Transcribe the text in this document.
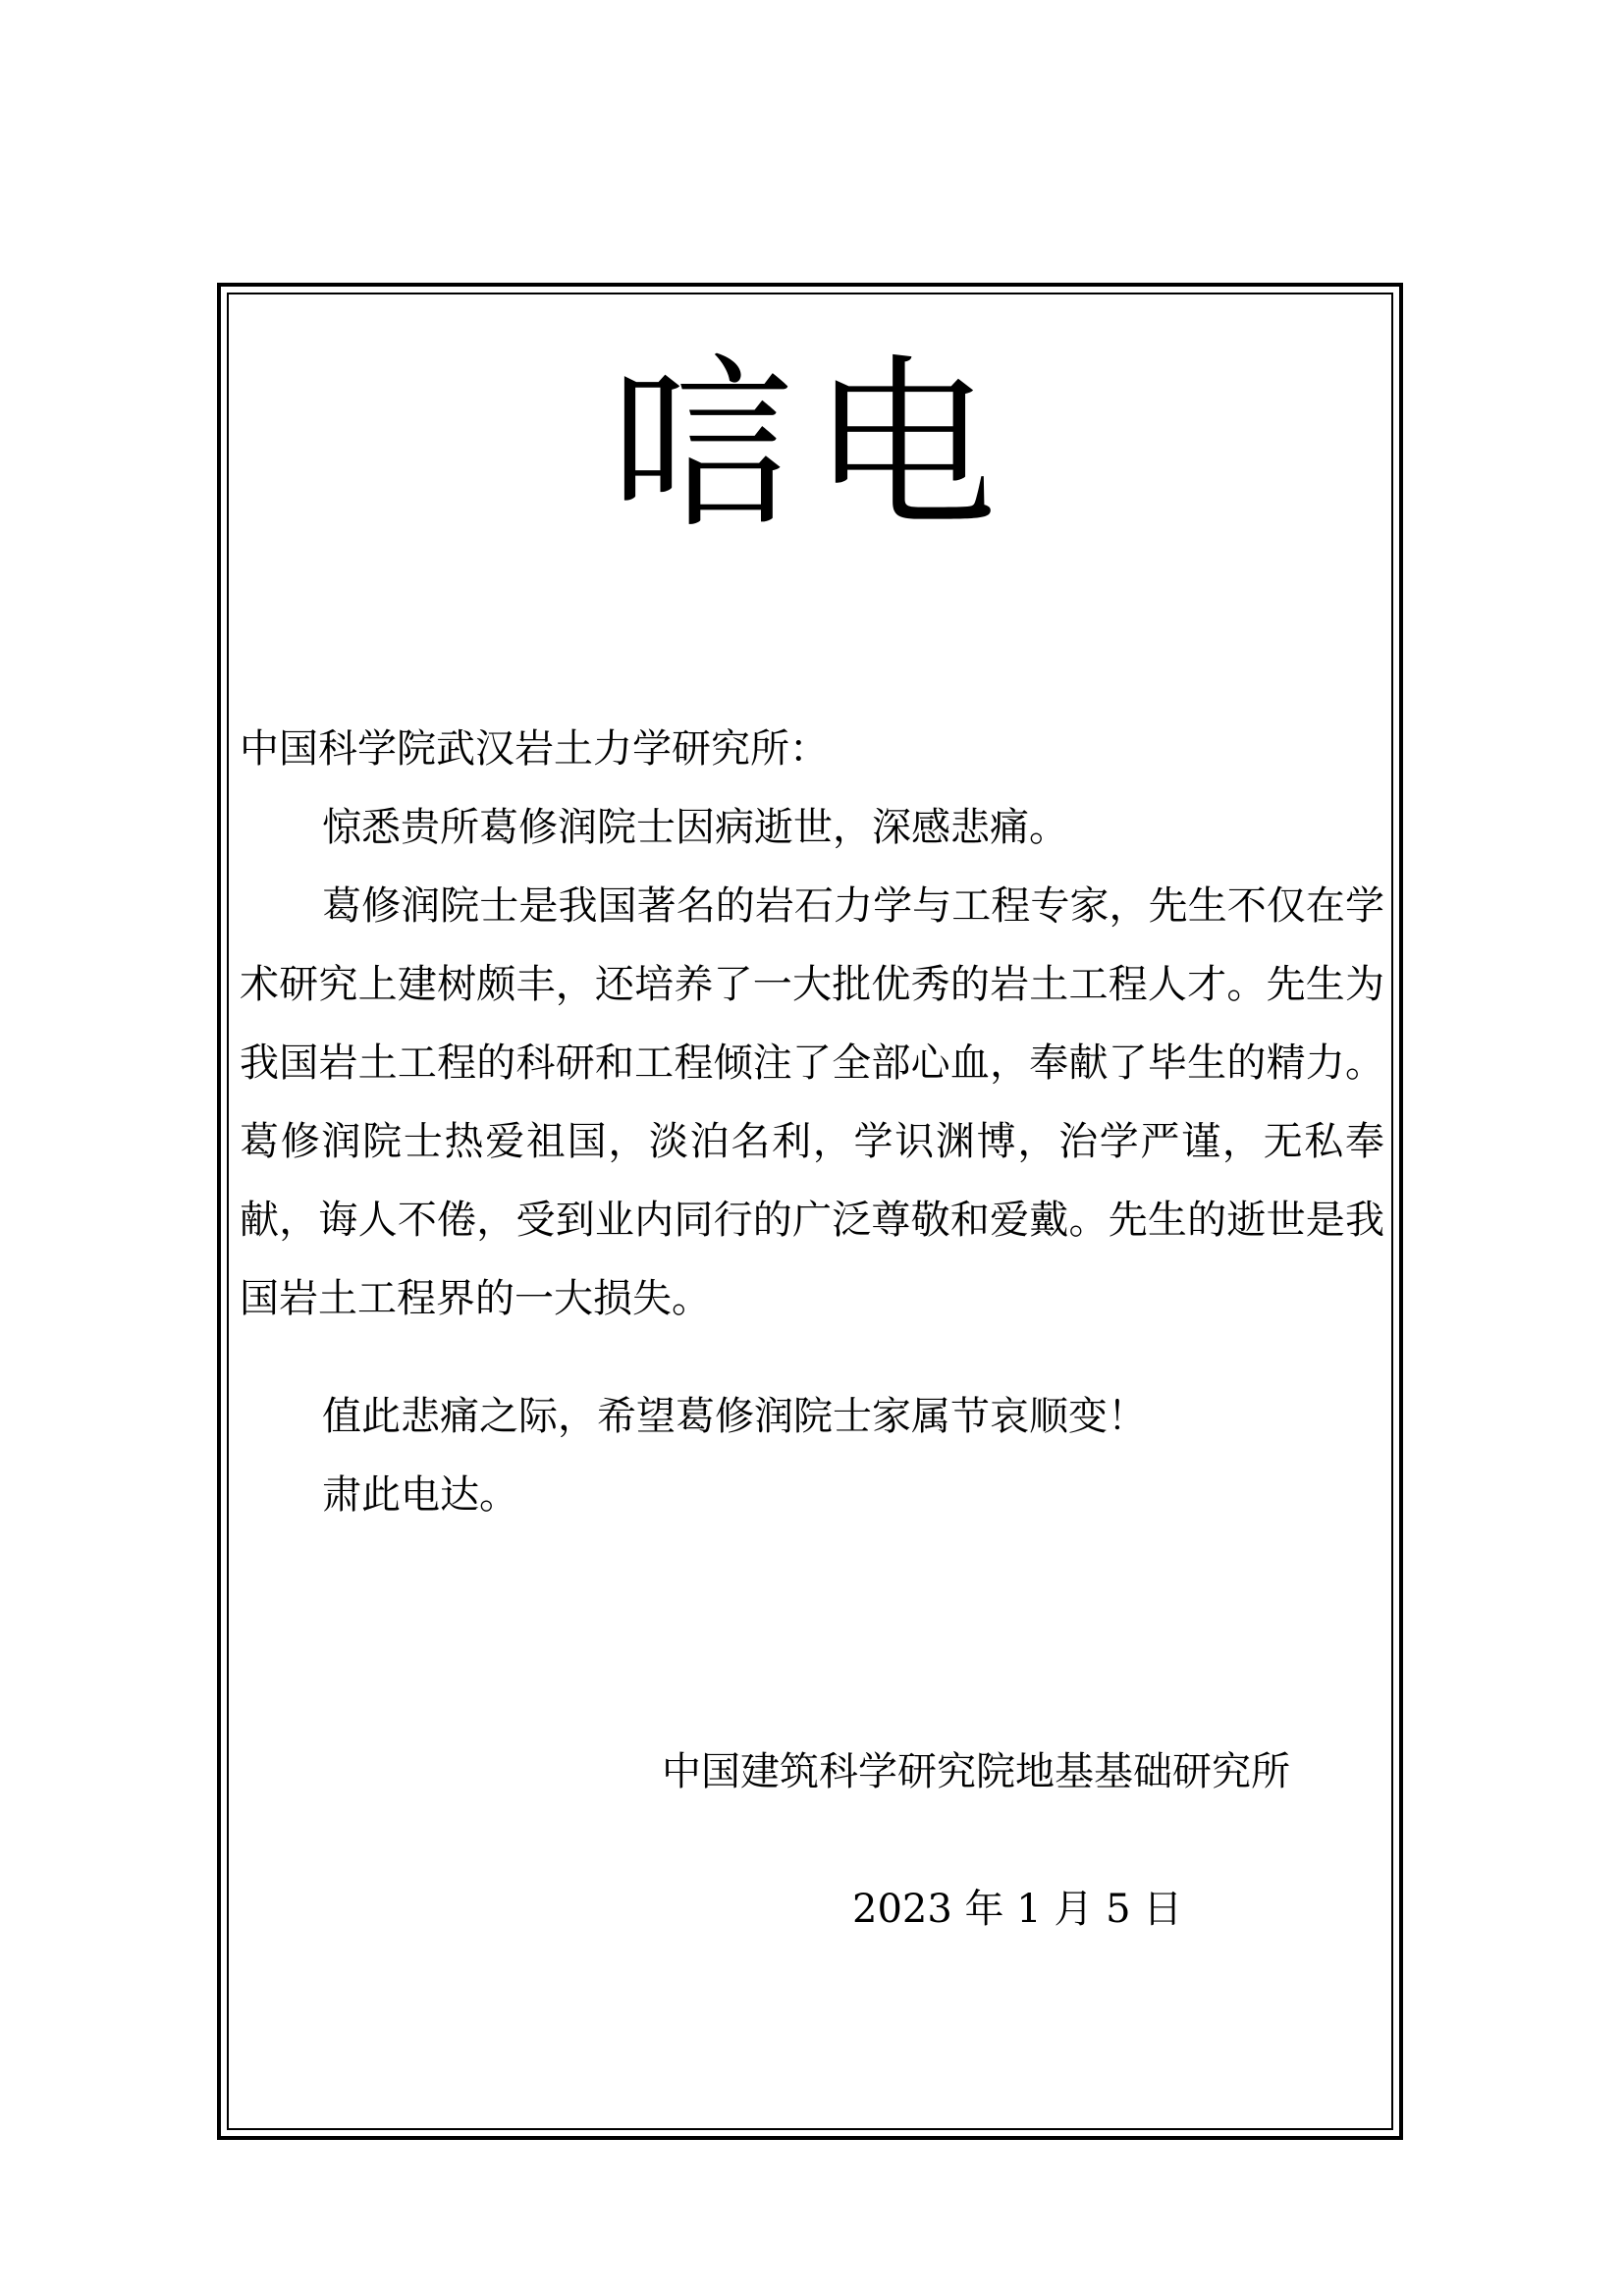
唁电

中国科学院武汉岩土力学研究所：

惊悉贵所葛修润院士因病逝世，深感悲痛。

葛修润院士是我国著名的岩石力学与工程专家，先生不仅在学术研究上建树颇丰，还培养了一大批优秀的岩土工程人才。先生为我国岩土工程的科研和工程倾注了全部心血，奉献了毕生的精力。葛修润院士热爱祖国，淡泊名利，学识渊博，治学严谨，无私奉献，诲人不倦，受到业内同行的广泛尊敬和爱戴。先生的逝世是我国岩土工程界的一大损失。

值此悲痛之际，希望葛修润院士家属节哀顺变！

肃此电达。

中国建筑科学研究院地基基础研究所

2023 年 1 月 5 日
